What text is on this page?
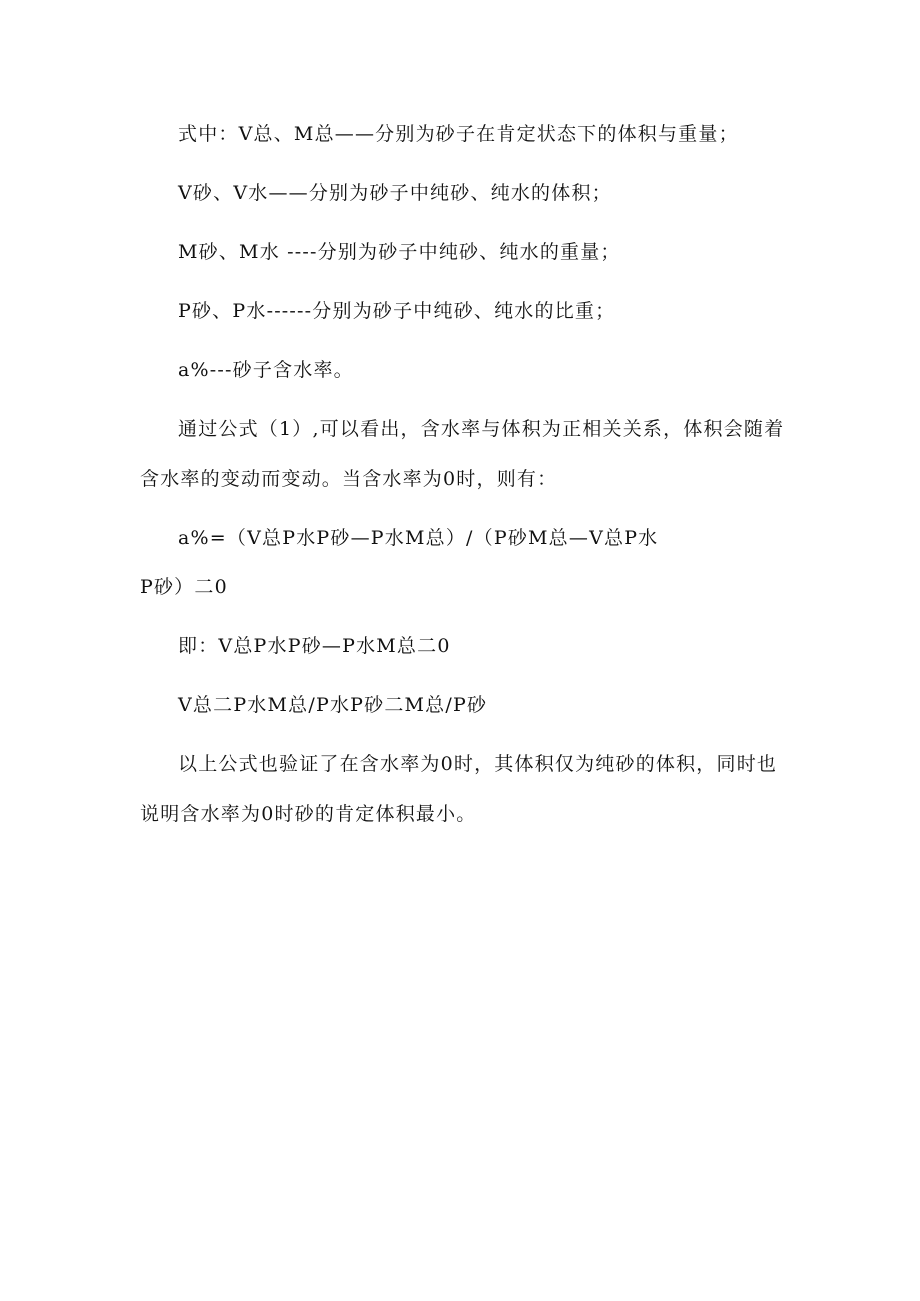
式中：V总、M总——分别为砂子在肯定状态下的体积与重量；
V砂、V水——分别为砂子中纯砂、纯水的体积；
M砂、M水 ----分别为砂子中纯砂、纯水的重量；
P砂、P水------分别为砂子中纯砂、纯水的比重；
a%---砂子含水率。
通过公式（1）,可以看出，含水率与体积为正相关关系，体积会随着
含水率的变动而变动。当含水率为0时，则有：
a%=（V总P水P砂—P水M总）/（P砂M总—V总P水
P砂）二0
即：V总P水P砂—P水M总二0
V总二P水M总/P水P砂二M总/P砂
以上公式也验证了在含水率为0时，其体积仅为纯砂的体积，同时也
说明含水率为0时砂的肯定体积最小。
